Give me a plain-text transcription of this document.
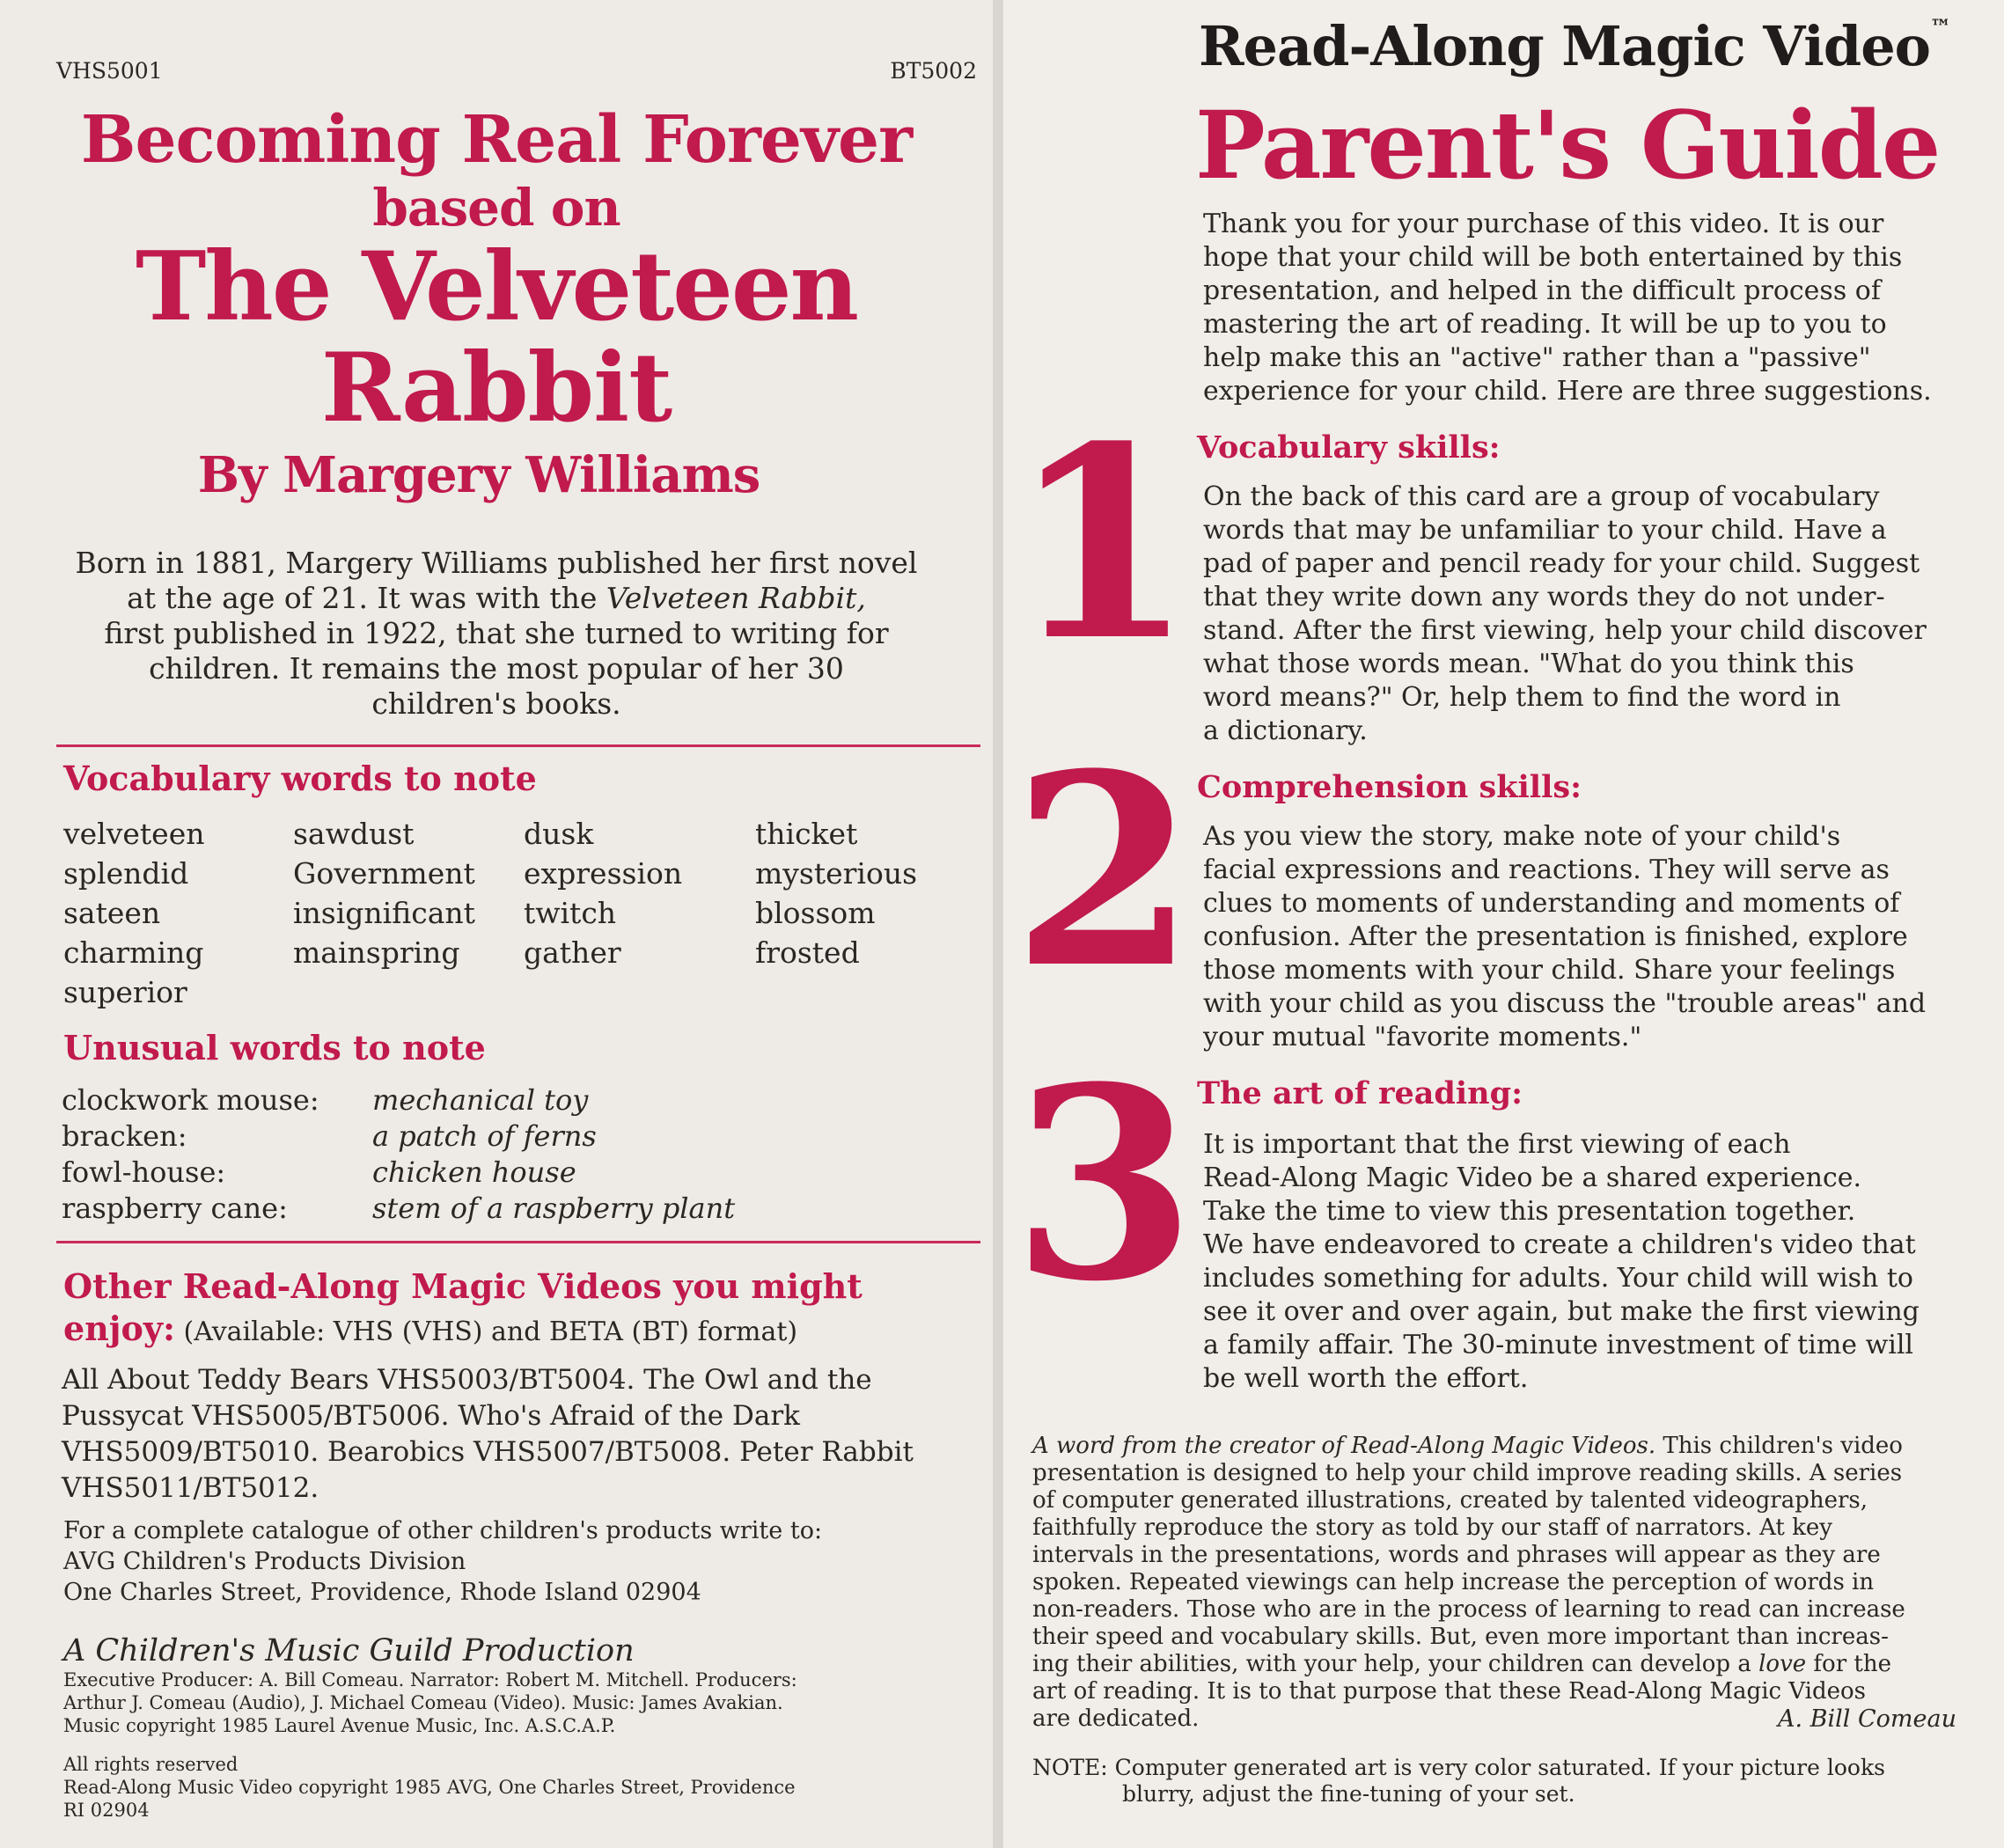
VHS5001	BT5002
Becoming Real Forever
based on
The Velveteen
Rabbit
By Margery Williams
Born in 1881, Margery Williams published her first novel
at the age of 21. It was with the Velveteen Rabbit,
first published in 1922, that she turned to writing for
children. It remains the most popular of her 30
children's books.
Vocabulary words to note
velveteen
splendid
sateen
charming
superior
sawdust
Government
insignificant
mainspring
dusk
expression
twitch
gather
thicket
mysterious
blossom
frosted
Unusual words to note
clockwork mouse:
bracken:
fowl-house:
raspberry cane:
mechanical toy
a patch of ferns
chicken house
stem of a raspberry plant
Other Read-Along Magic Videos you might
enjoy: (Available: VHS (VHS) and BETA (BT) format)
All About Teddy Bears VHS5003/BT5004. The Owl and the
Pussycat VHS5005/BT5006. Who's Afraid of the Dark
VHS5009/BT5010. Bearobics VHS5007/BT5008. Peter Rabbit
VHS5011/BT5012.
For a complete catalogue of other children's products write to:
AVG Children's Products Division
One Charles Street, Providence, Rhode Island 02904
A Children's Music Guild Production
Executive Producer: A. Bill Comeau. Narrator: Robert M. Mitchell. Producers:
Arthur J. Comeau (Audio), J. Michael Comeau (Video). Music: James Avakian.
Music copyright 1985 Laurel Avenue Music, Inc. A.S.C.A.P.
All rights reserved
Read-Along Music Video copyright 1985 AVG, One Charles Street, Providence
RI 02904
Read-Along Magic Video™
Parent's Guide
Thank you for your purchase of this video. It is our
hope that your child will be both entertained by this
presentation, and helped in the difficult process of
mastering the art of reading. It will be up to you to
help make this an "active" rather than a "passive"
experience for your child. Here are three suggestions.
1 Vocabulary skills:
On the back of this card are a group of vocabulary
words that may be unfamiliar to your child. Have a
pad of paper and pencil ready for your child. Suggest
that they write down any words they do not under-
stand. After the first viewing, help your child discover
what those words mean. "What do you think this
word means?" Or, help them to find the word in
a dictionary.
2 Comprehension skills:
As you view the story, make note of your child's
facial expressions and reactions. They will serve as
clues to moments of understanding and moments of
confusion. After the presentation is finished, explore
those moments with your child. Share your feelings
with your child as you discuss the "trouble areas" and
your mutual "favorite moments."
3 The art of reading:
It is important that the first viewing of each
Read-Along Magic Video be a shared experience.
Take the time to view this presentation together.
We have endeavored to create a children's video that
includes something for adults. Your child will wish to
see it over and over again, but make the first viewing
a family affair. The 30-minute investment of time will
be well worth the effort.
A word from the creator of Read-Along Magic Videos. This children's video
presentation is designed to help your child improve reading skills. A series
of computer generated illustrations, created by talented videographers,
faithfully reproduce the story as told by our staff of narrators. At key
intervals in the presentations, words and phrases will appear as they are
spoken. Repeated viewings can help increase the perception of words in
non-readers. Those who are in the process of learning to read can increase
their speed and vocabulary skills. But, even more important than increas-
ing their abilities, with your help, your children can develop a love for the
art of reading. It is to that purpose that these Read-Along Magic Videos
are dedicated.	A. Bill Comeau
NOTE: Computer generated art is very color saturated. If your picture looks
blurry, adjust the fine-tuning of your set.
